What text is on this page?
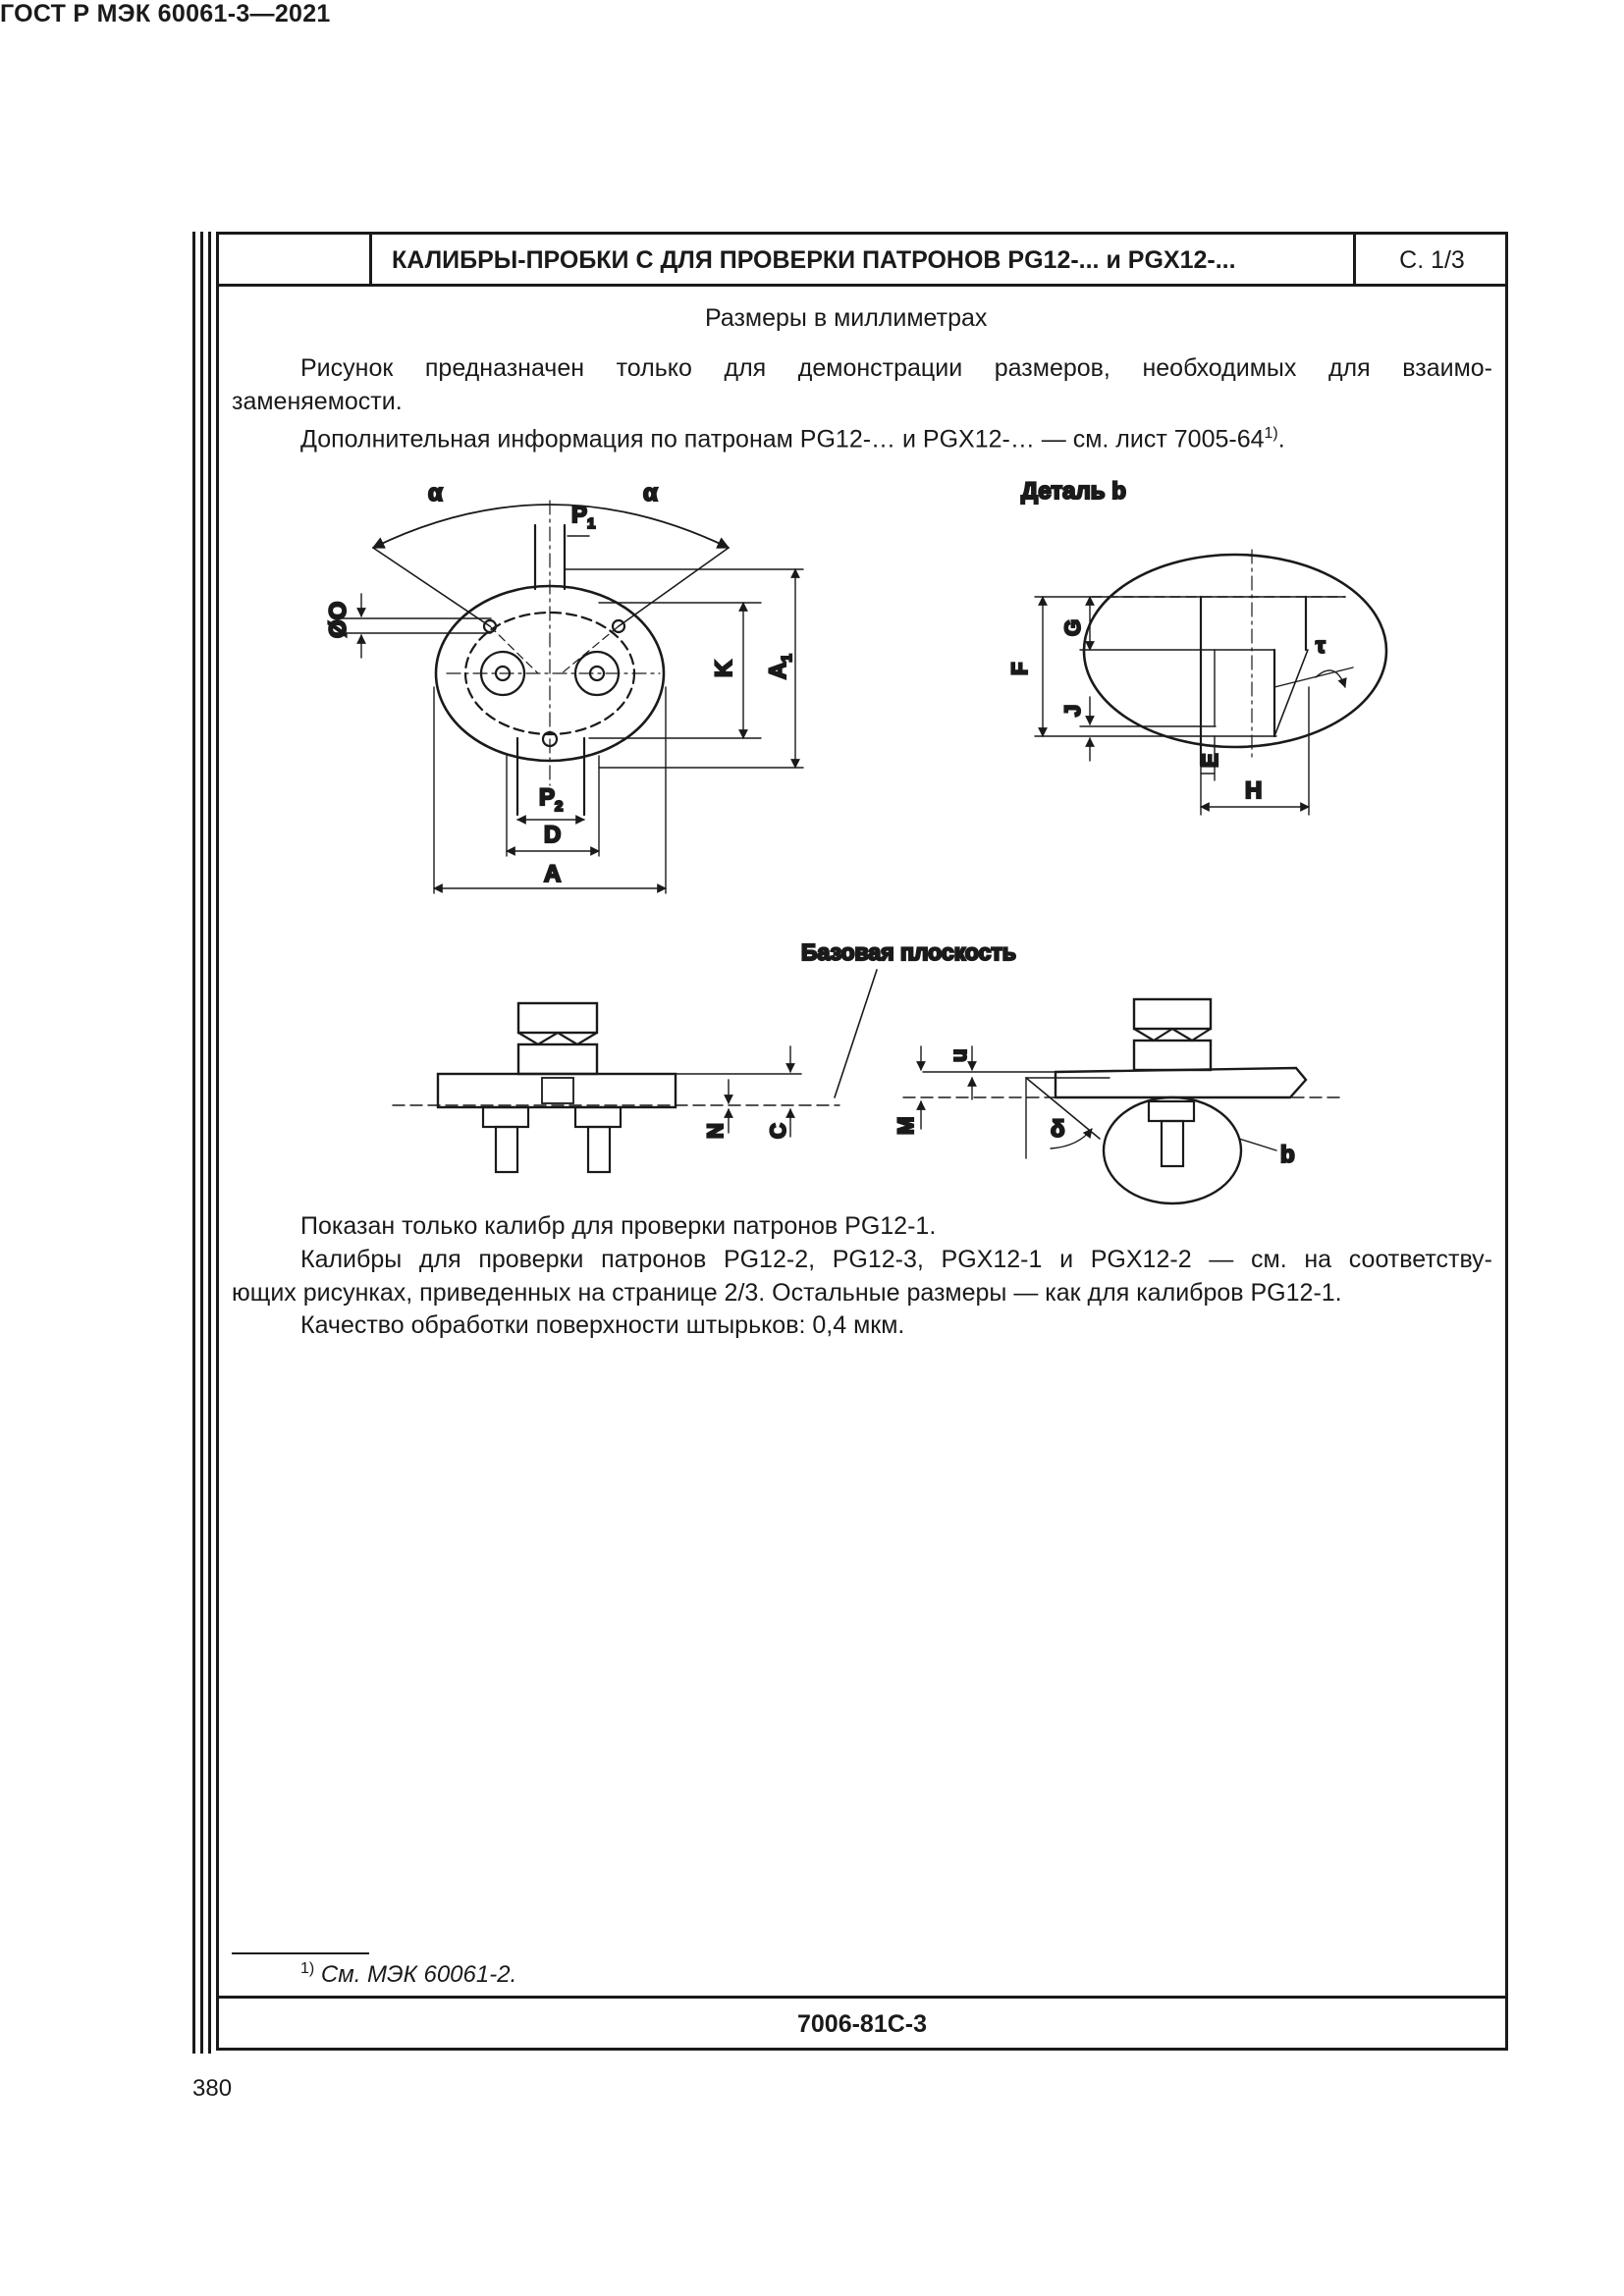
ГОСТ Р МЭК 60061-3—2021
КАЛИБРЫ-ПРОБКИ С ДЛЯ ПРОВЕРКИ ПАТРОНОВ PG12-... и PGX12-...	С. 1/3
7006-81С-3
Размеры в миллиметрах
Рисунок предназначен только для демонстрации размеров, необходимых для взаимо-
заменяемости.
Дополнительная информация по патронам PG12-… и PGX12-… — см. лист 7005-64$^{1)}$.
α	α
$P_1$
ØO
K $A_1$
$P_2$
D
A
Деталь b
G
F
J
E
H
τ
Базовая плоскость
N C
u
M	δ
b
Показан только калибр для проверки патронов PG12-1.
Калибры для проверки патронов PG12-2, PG12-3, PGX12-1 и PGX12-2 — см. на соответству-
ющих рисунках, приведенных на странице 2/3. Остальные размеры — как для калибров PG12-1.
Качество обработки поверхности штырьков: 0,4 мкм.
$^{1)}$ См. МЭК 60061-2.
380
